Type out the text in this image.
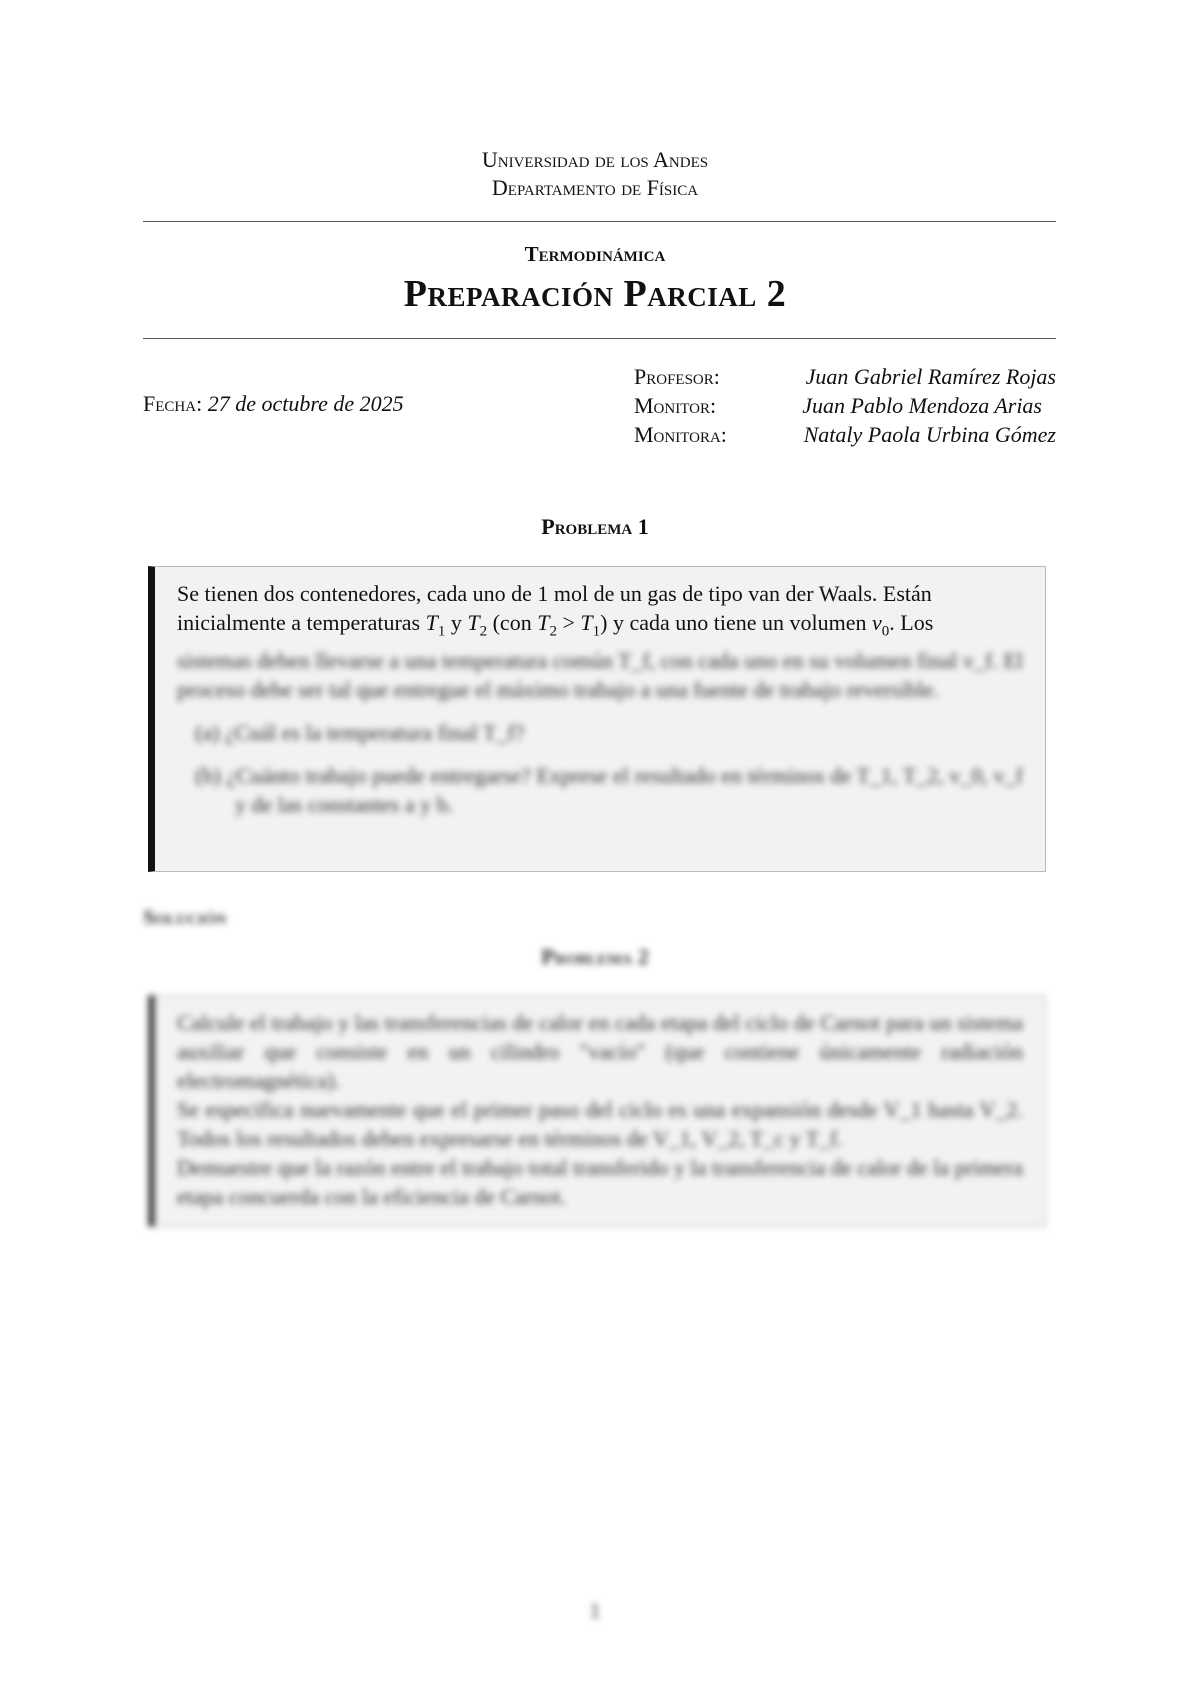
Universidad de los Andes
Departamento de Física
Termodinámica
Preparación Parcial 2
Fecha: 27 de octubre de 2025
Profesor:	Juan Gabriel Ramírez Rojas
Monitor:	Juan Pablo Mendoza Arias
Monitora:	Nataly Paola Urbina Gómez
Problema 1
Se tienen dos contenedores, cada uno de 1 mol de un gas de tipo van der Waals. Están
inicialmente a temperaturas $T_1$ y $T_2$ (con $T_2 > T_1$) y cada uno tiene un volumen $v_0$. Los
sistemas deben llevarse a una temperatura común T_f, con cada uno en su volumen final v_f. El proceso debe ser tal que entregue el máximo trabajo a una fuente de trabajo reversible.
(a) ¿Cuál es la temperatura final T_f?
(b) ¿Cuánto trabajo puede entregarse? Exprese el resultado en términos de T_1, T_2, v_0, v_f y de las constantes a y b.
Solución
Problema 2
Calcule el trabajo y las transferencias de calor en cada etapa del ciclo de Carnot para un sistema auxiliar que consiste en un cilindro "vacío" (que contiene únicamente radiación electromagnética).
Se especifica nuevamente que el primer paso del ciclo es una expansión desde V_1 hasta V_2. Todos los resultados deben expresarse en términos de V_1, V_2, T_c y T_f.
Demuestre que la razón entre el trabajo total transferido y la transferencia de calor de la primera etapa concuerda con la eficiencia de Carnot.
1
